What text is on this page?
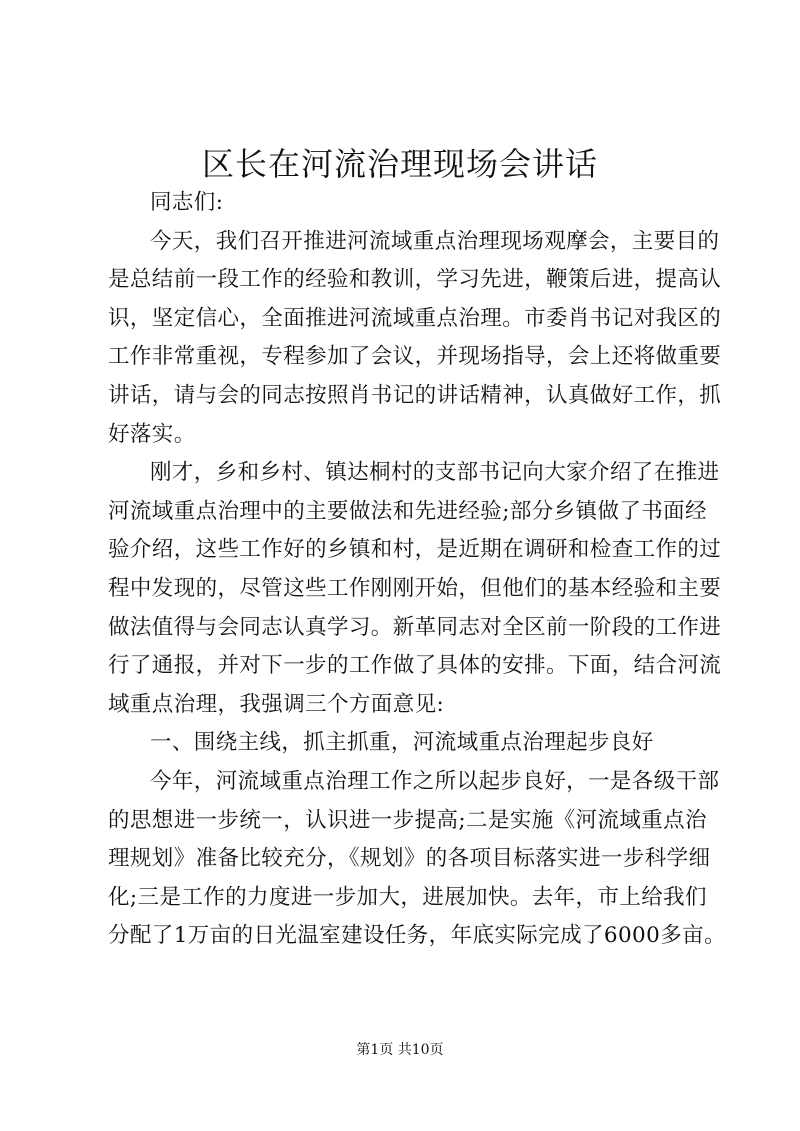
区长在河流治理现场会讲话
同志们:
今天，我们召开推进河流域重点治理现场观摩会，主要目的
是总结前一段工作的经验和教训，学习先进，鞭策后进，提高认
识，坚定信心，全面推进河流域重点治理。市委肖书记对我区的
工作非常重视，专程参加了会议，并现场指导，会上还将做重要
讲话，请与会的同志按照肖书记的讲话精神，认真做好工作，抓
好落实。
刚才，乡和乡村、镇达桐村的支部书记向大家介绍了在推进
河流域重点治理中的主要做法和先进经验;部分乡镇做了书面经
验介绍，这些工作好的乡镇和村，是近期在调研和检查工作的过
程中发现的，尽管这些工作刚刚开始，但他们的基本经验和主要
做法值得与会同志认真学习。新革同志对全区前一阶段的工作进
行了通报，并对下一步的工作做了具体的安排。下面，结合河流
域重点治理，我强调三个方面意见:
一、围绕主线，抓主抓重，河流域重点治理起步良好
今年，河流域重点治理工作之所以起步良好，一是各级干部
的思想进一步统一，认识进一步提高;二是实施《河流域重点治
理规划》准备比较充分，《规划》的各项目标落实进一步科学细
化;三是工作的力度进一步加大，进展加快。去年，市上给我们
分配了1万亩的日光温室建设任务，年底实际完成了6000多亩。
第1页 共10页
